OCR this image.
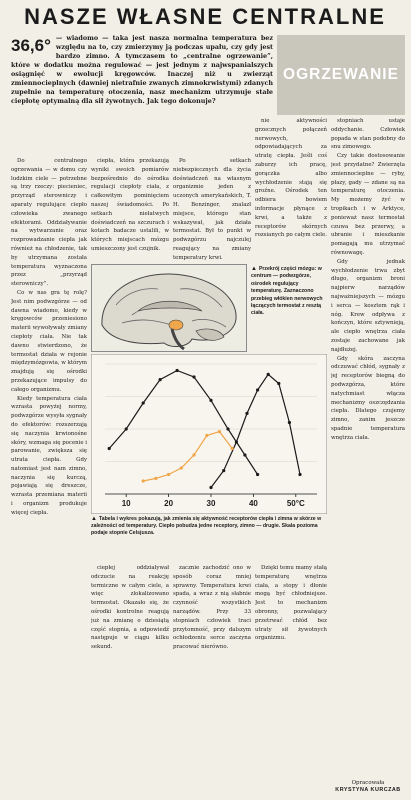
NASZE WŁASNE CENTRALNE
36,6° — wiadomo — taka jest nasza normalna temperatura bez względu na to, czy zmierzymy ją podczas upału, czy gdy jest bardzo zimno. A tymczasem to „centralne ogrzewanie”, które w dodatku można regulować — jest jednym z najwspanialszych osiągnięć w ewolucji kręgowców. Inaczej niż u zwierząt zmiennocieplnych (dawniej nietrafnie zwanych zimnokrwistymi) zdanych zupełnie na temperaturę otoczenia, nasz mechanizm utrzymuje stałe ciepłotę optymalną dla sił żywotnych. Jak tego dokonuje?
OGRZEWANIE

Do centralnego ogrzewania — w domu czy ludzkim ciele — potrzebne są trzy rzeczy: piecieniec, przyrząd sterowniczy i aparaty regulujące ciepło człowieka zwanego efektorami. Oddziaływanie na wytwarzanie oraz rozprowadzanie ciepła jak również na chłodzenie, tak by utrzymana została temperatura wyznaczona przez „przyrząd sterowniczy”.

Co w nas gra tę rolę? Jest nim podwzgórze — od dawna wiadomo, kiedy w kręgowców przeniesiono materii wywoływały zmiany ciepłoty ciała. Nie tak dawno stwierdzono, że termostat działa w rejonie międzymózgowia, w którym znajdują się ośrodki przekazujące impulsy do całego organizmu.

Kiedy temperatura ciała wzrasta powyżej normy, podwzgórze wysyła sygnały do efektorów: rozszerzają się naczynia krwionośne skóry, wzmaga się pocenie i parowanie, zwiększa się utrata ciepła. Gdy natomiast jest nam zimno, naczynia się kurczą, pojawiają się dreszcze, wzrasta przemiana materii i organizm produkuje więcej ciepła.

ciepła, która przekazują wyniki swoich pomiarów bezpośrednio do ośrodka regulacji ciepłoty ciała, z całkowitym pominięciem naszej świadomości. Po setkach niełatwych doświadczeń na szczurach i kotach badacze ustalili, w których miejscach mózgu umieszczony jest czujnik.

Po setkach niebezpiecznych dla życia doświadczeń na własnym organizmie jeden z uczonych amerykańskich, T. H. Benzinger, znalazł miejsce, którego stan wskazywał, jak działa termostat. Był to punkt w podwzgórzu najczulej reagujący na zmiany temperatury krwi.

nie aktywności grzecznych połączeń nerwowych, odpowiadających za utratę ciepła. Jeśli coś zaburzy ich pracę, gorączka albo wychłodzenie stają się groźne. Ośrodek ten odbiera bowiem informacje płynące z krwi, a także z receptorów skórnych rozsianych po całym ciele.

stopniach ustaje oddychanie. Człowiek popada w stan podobny do snu zimowego.

Czy takie dostosowanie jest przydatne? Zwierzęta zmiennocieplne — ryby, płazy, gady — zdane są na temperaturę otoczenia. My możemy żyć w tropikach i w Arktyce, ponieważ nasz termostat czuwa bez przerwy, a ubranie i mieszkanie pomagają mu utrzymać równowagę.

Gdy jednak wychłodzenie trwa zbyt długo, organizm broni najpierw narządów najważniejszych — mózgu i serca — kosztem rąk i nóg. Krew odpływa z kończyn, które sztywnieją, ale ciepło wnętrza ciała zostaje zachowane jak najdłużej.

Gdy skóra zaczyna odczuwać chłód, sygnały z jej receptorów biegną do podwzgórza, które natychmiast włącza mechanizmy oszczędzania ciepła. Dlatego czujemy zimno, zanim jeszcze spadnie temperatura wnętrza ciała.

▲ Przekrój części mózgu: w centrum — podwzgórze, ośrodek regulujący temperaturę. Zaznaczono przebieg włókien nerwowych łączących termostat z resztą ciała.
10	20	30	40	50°C
▲ Tabela i wykres pokazują, jak zmienia się aktywność receptorów ciepła i zimna w skórze w zależności od temperatury. Ciepło pobudza jedne receptory, zimno — drugie. Skala pozioma podaje stopnie Celsjusza.

ciepłej oddziaływał odczucie na reakcję termiczne w całym ciele, a więc zlokalizowano termostat. Okazało się, że ośrodki kontrolne reagują już na zmianę o dziesiątą część stopnia, a odpowiedź następuje w ciągu kilku sekund.

zacznie zachodzić ono w sposób coraz mniej sprawny. Temperatura krwi spada, a wraz z nią słabnie czynność wszystkich narządów. Przy 33 stopniach człowiek traci przytomność, przy dalszym ochłodzeniu serce zaczyna pracować nierówno.

Dzięki temu mamy stałą temperaturę wnętrza ciała, a stopy i dłonie mogą być chłodniejsze. Jest to mechanizm obronny, pozwalający przetrwać chłód bez utraty sił żywotnych organizmu.

Opracowała
KRYSTYNA KURCZAB
